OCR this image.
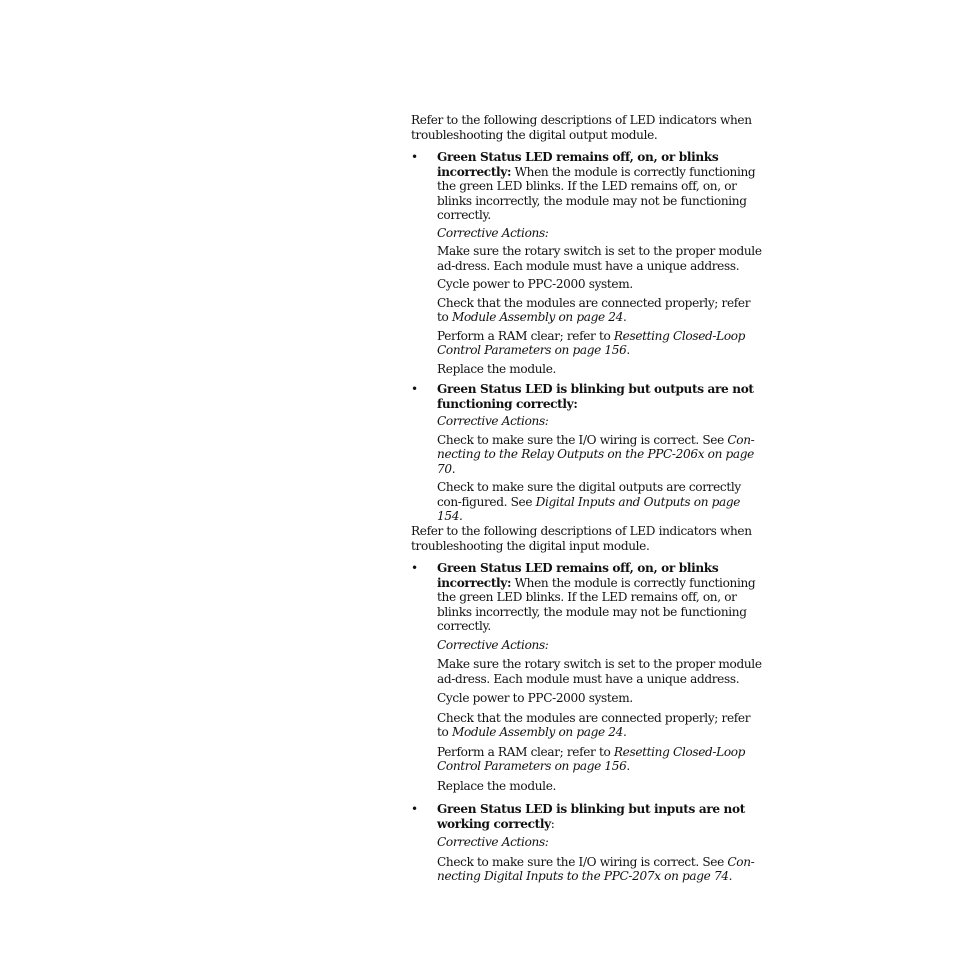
Refer to the following descriptions of LED indicators when troubleshooting the digital output module.

• Green Status LED remains off, on, or blinks incorrectly: When the module is correctly functioning the green LED blinks. If the LED remains off, on, or blinks incorrectly, the module may not be functioning correctly.

Corrective Actions:

Make sure the rotary switch is set to the proper module ad-dress. Each module must have a unique address.

Cycle power to PPC-2000 system.

Check that the modules are connected properly; refer to Module Assembly on page 24.

Perform a RAM clear; refer to Resetting Closed-Loop Control Parameters on page 156.

Replace the module.

• Green Status LED is blinking but outputs are not functioning correctly:

Corrective Actions:

Check to make sure the I/O wiring is correct. See Con-necting to the Relay Outputs on the PPC-206x on page 70.

Check to make sure the digital outputs are correctly con-figured. See Digital Inputs and Outputs on page 154.

Refer to the following descriptions of LED indicators when troubleshooting the digital input module.

• Green Status LED remains off, on, or blinks incorrectly: When the module is correctly functioning the green LED blinks. If the LED remains off, on, or blinks incorrectly, the module may not be functioning correctly.

Corrective Actions:

Make sure the rotary switch is set to the proper module ad-dress. Each module must have a unique address.

Cycle power to PPC-2000 system.

Check that the modules are connected properly; refer to Module Assembly on page 24.

Perform a RAM clear; refer to Resetting Closed-Loop Control Parameters on page 156.

Replace the module.

• Green Status LED is blinking but inputs are not working correctly:

Corrective Actions:

Check to make sure the I/O wiring is correct. See Con-necting Digital Inputs to the PPC-207x on page 74.
